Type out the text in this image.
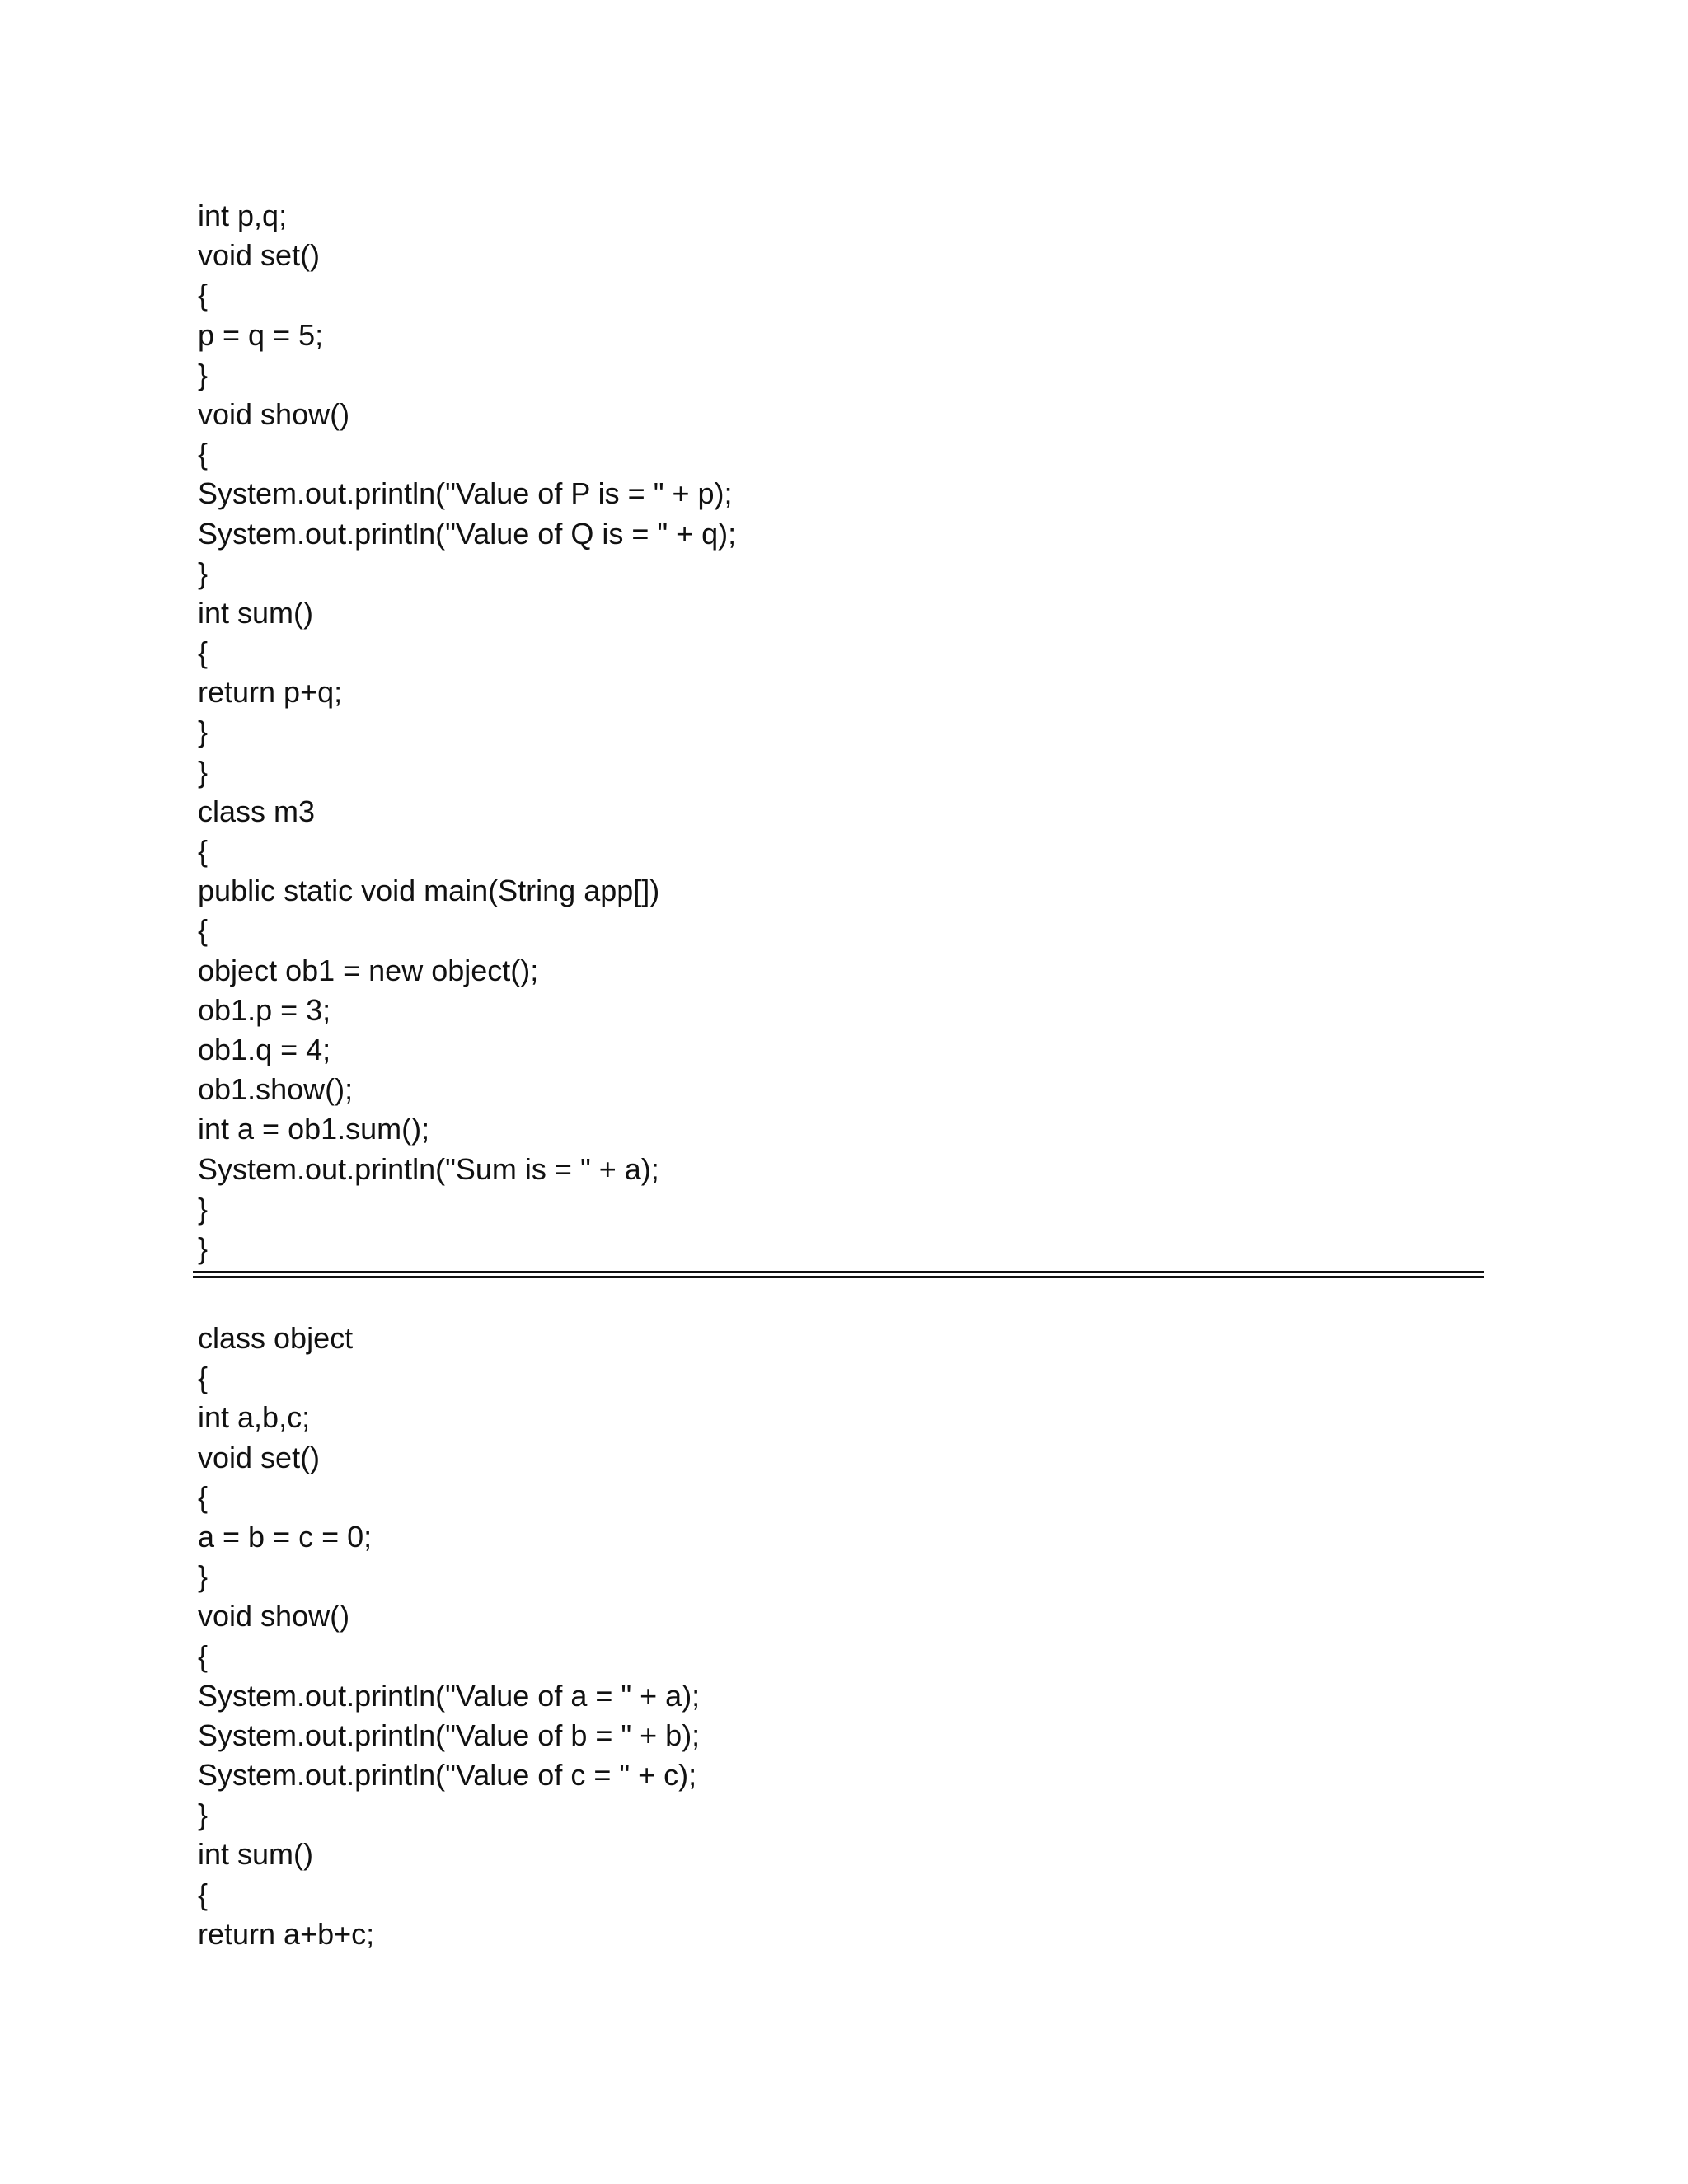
int p,q;
void set()
{
p = q = 5;
}
void show()
{
System.out.println("Value of P is = " + p);
System.out.println("Value of Q is = " + q);
}
int sum()
{
return p+q;
}
}
class m3
{
public static void main(String app[])
{
object ob1 = new object();
ob1.p = 3;
ob1.q = 4;
ob1.show();
int a = ob1.sum();
System.out.println("Sum is = " + a);
}
}
class object
{
int a,b,c;
void set()
{
a = b = c = 0;
}
void show()
{
System.out.println("Value of a = " + a);
System.out.println("Value of b = " + b);
System.out.println("Value of c = " + c);
}
int sum()
{
return a+b+c;
